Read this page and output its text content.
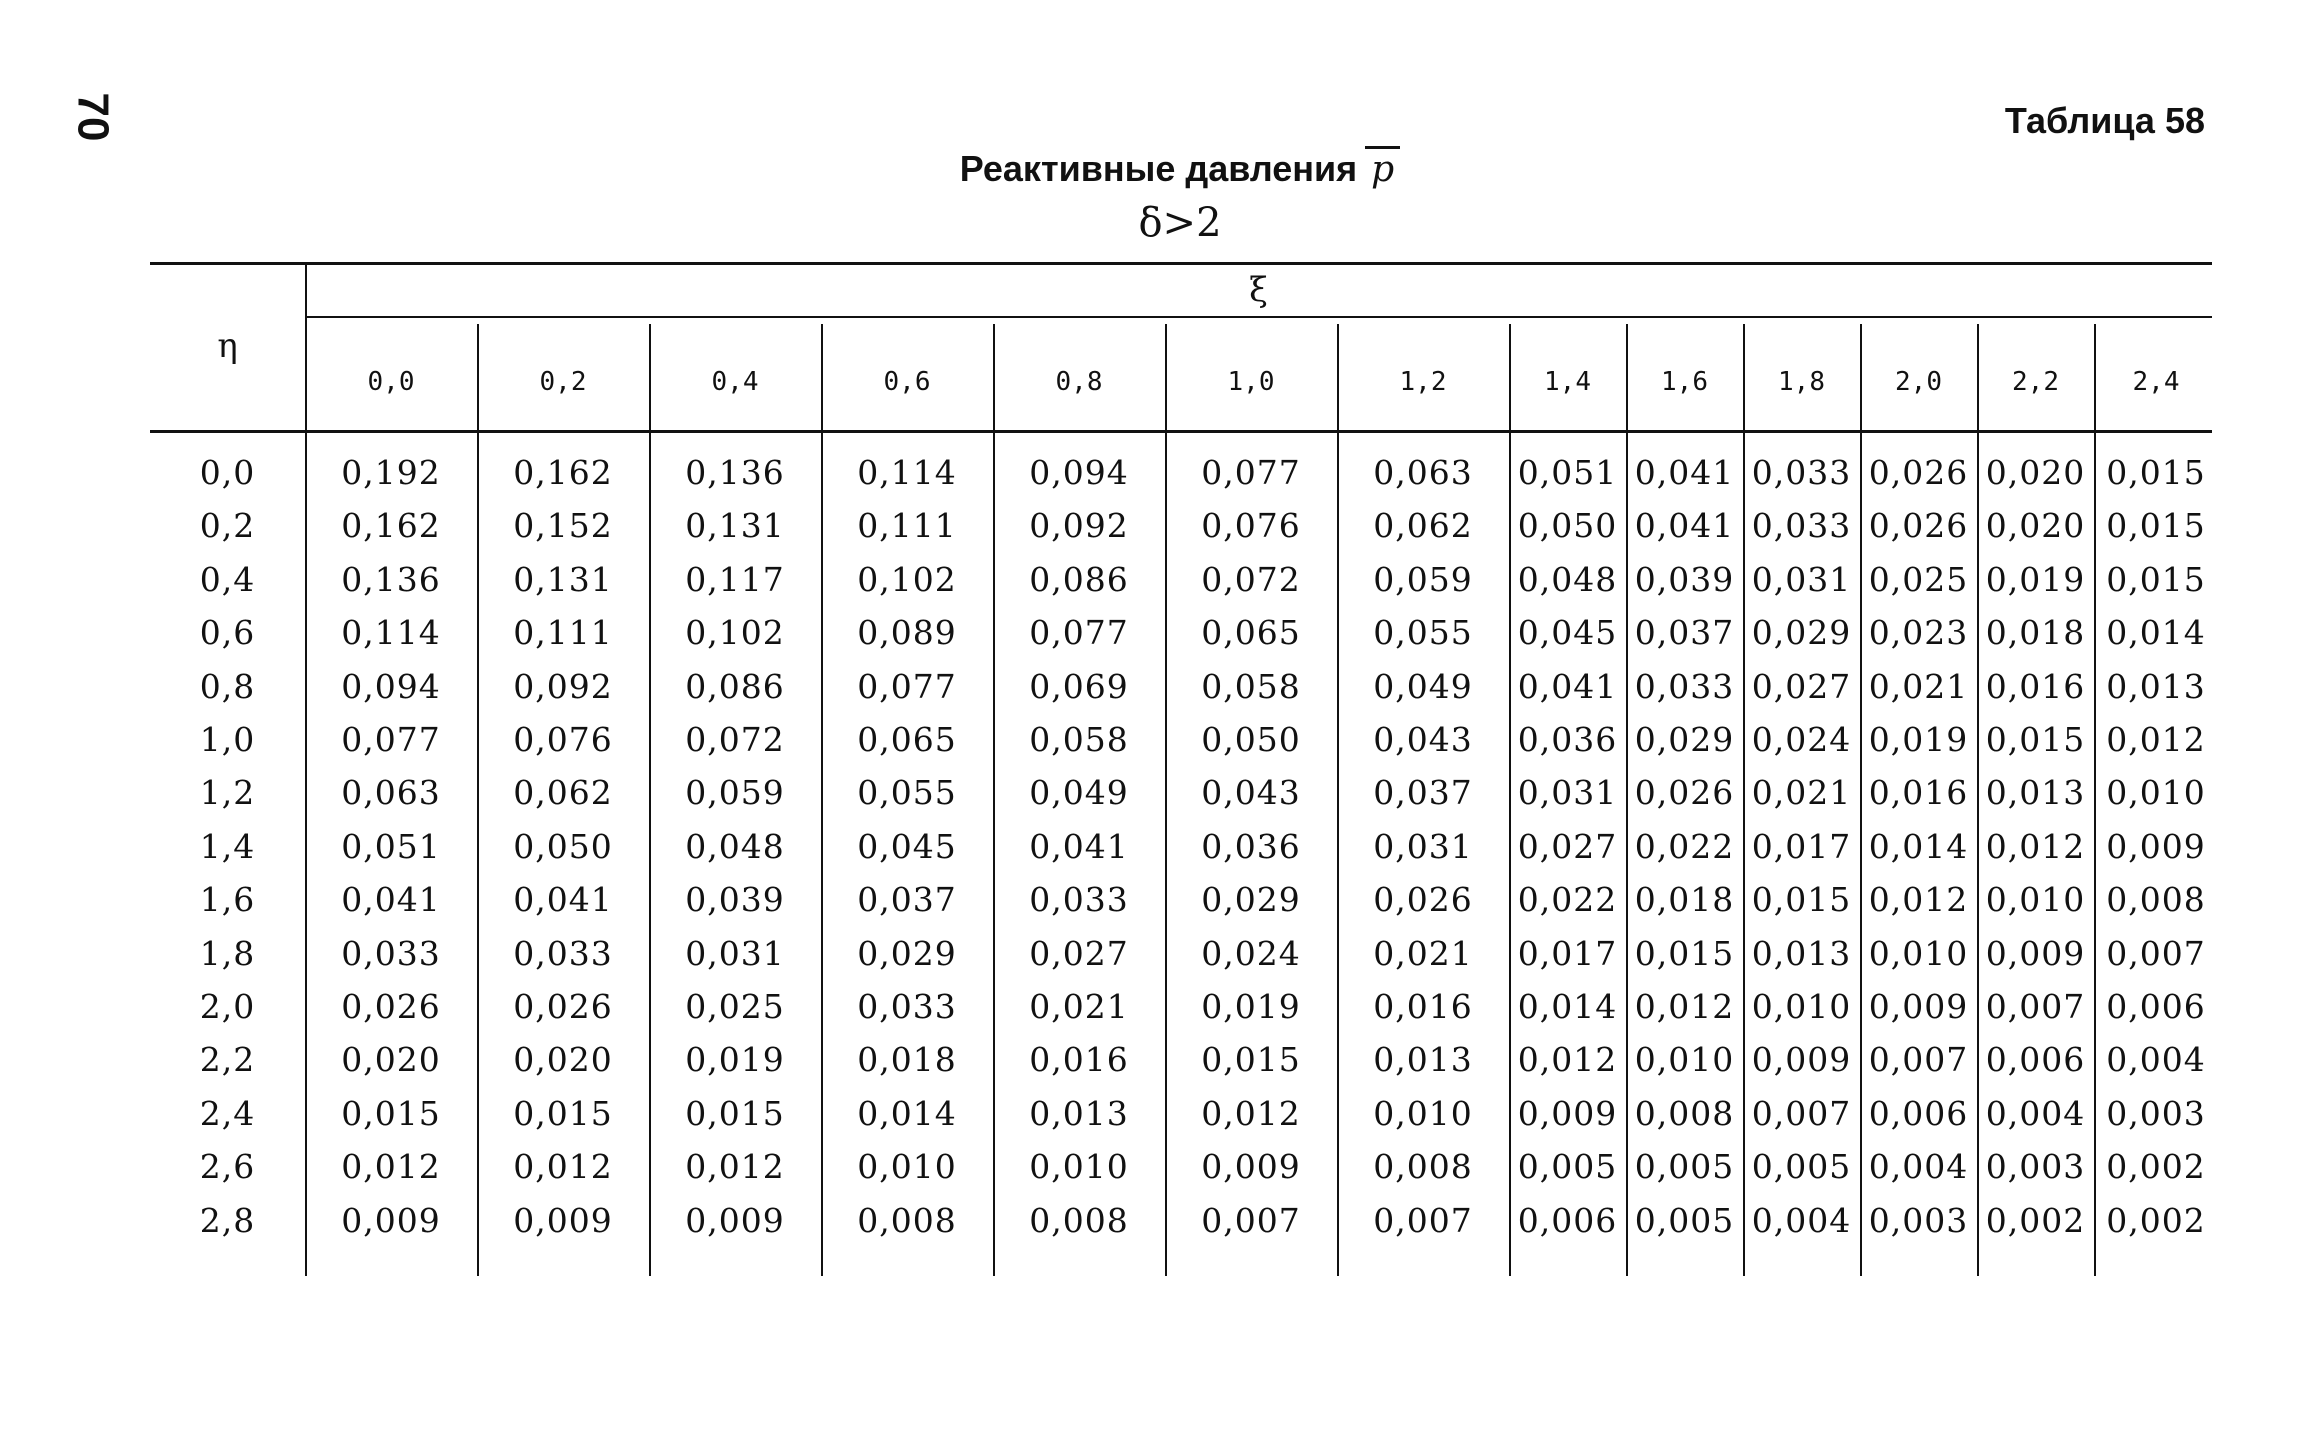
70	Таблица 58
Реактивные давления p
δ>2
η
ξ
0,0	0,2	0,4	0,6	0,8	1,0	1,2	1,4	1,6	1,8	2,0	2,2	2,4
0,0	0,192	0,162	0,136	0,114	0,094	0,077	0,063	0,051 0,041 0,033 0,026 0,020 0,015
0,2	0,162	0,152	0,131	0,111	0,092	0,076	0,062	0,050 0,041 0,033 0,026 0,020 0,015
0,4	0,136	0,131	0,117	0,102	0,086	0,072	0,059	0,048 0,039 0,031 0,025 0,019 0,015
0,6	0,114	0,111	0,102	0,089	0,077	0,065	0,055	0,045 0,037 0,029 0,023 0,018 0,014
0,8	0,094	0,092	0,086	0,077	0,069	0,058	0,049	0,041 0,033 0,027 0,021 0,016 0,013
1,0	0,077	0,076	0,072	0,065	0,058	0,050	0,043	0,036 0,029 0,024 0,019 0,015 0,012
1,2	0,063	0,062	0,059	0,055	0,049	0,043	0,037	0,031 0,026 0,021 0,016 0,013 0,010
1,4	0,051	0,050	0,048	0,045	0,041	0,036	0,031	0,027 0,022 0,017 0,014 0,012 0,009
1,6	0,041	0,041	0,039	0,037	0,033	0,029	0,026	0,022 0,018 0,015 0,012 0,010 0,008
1,8	0,033	0,033	0,031	0,029	0,027	0,024	0,021	0,017 0,015 0,013 0,010 0,009 0,007
2,0	0,026	0,026	0,025	0,033	0,021	0,019	0,016	0,014 0,012 0,010 0,009 0,007 0,006
2,2	0,020	0,020	0,019	0,018	0,016	0,015	0,013	0,012 0,010 0,009 0,007 0,006 0,004
2,4	0,015	0,015	0,015	0,014	0,013	0,012	0,010	0,009 0,008 0,007 0,006 0,004 0,003
2,6	0,012	0,012	0,012	0,010	0,010	0,009	0,008	0,005 0,005 0,005 0,004 0,003 0,002
2,8	0,009	0,009	0,009	0,008	0,008	0,007	0,007	0,006 0,005 0,004 0,003 0,002 0,002
